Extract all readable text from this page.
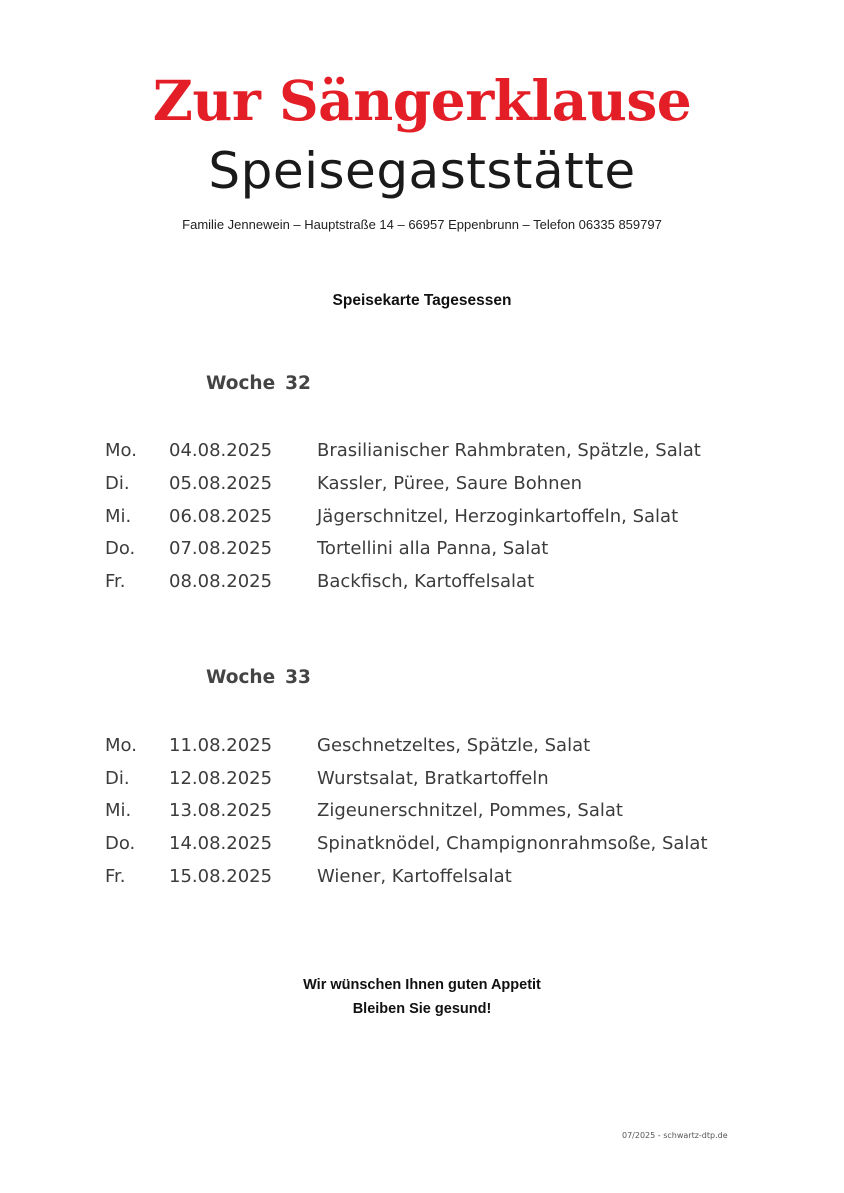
Zur Sängerklause
Speisegaststätte
Familie Jennewein – Hauptstraße 14 – 66957 Eppenbrunn – Telefon 06335 859797
Speisekarte Tagesessen
Woche 32
Mo. 04.08.2025 Brasilianischer Rahmbraten, Spätzle, Salat
Di. 05.08.2025 Kassler, Püree, Saure Bohnen
Mi. 06.08.2025 Jägerschnitzel, Herzoginkartoffeln, Salat
Do. 07.08.2025 Tortellini alla Panna, Salat
Fr. 08.08.2025 Backfisch, Kartoffelsalat
Woche 33
Mo. 11.08.2025 Geschnetzeltes, Spätzle, Salat
Di. 12.08.2025 Wurstsalat, Bratkartoffeln
Mi. 13.08.2025 Zigeunerschnitzel, Pommes, Salat
Do. 14.08.2025 Spinatknödel, Champignonrahmsoße, Salat
Fr. 15.08.2025 Wiener, Kartoffelsalat
Wir wünschen Ihnen guten Appetit
Bleiben Sie gesund!
07/2025 - schwartz-dtp.de
